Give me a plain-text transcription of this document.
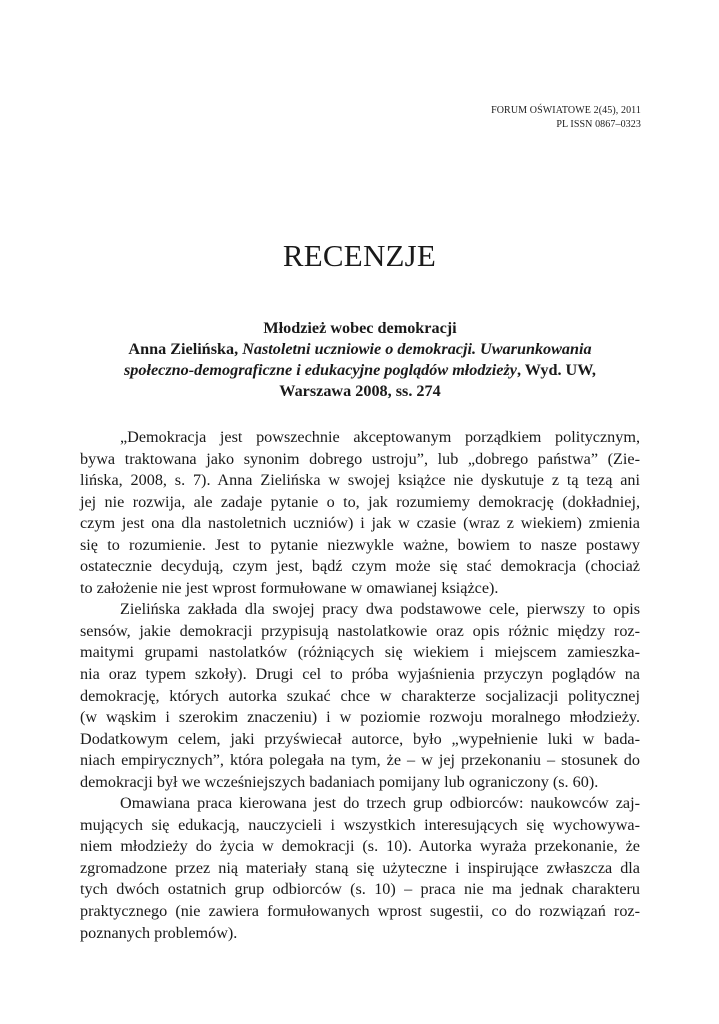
FORUM OŚWIATOWE 2(45), 2011
PL ISSN 0867–0323
RECENZJE
Młodzież wobec demokracji
Anna Zielińska, Nastoletni uczniowie o demokracji. Uwarunkowania
społeczno-demograficzne i edukacyjne poglądów młodzieży, Wyd. UW,
Warszawa 2008, ss. 274
„Demokracja jest powszechnie akceptowanym porządkiem politycznym,
bywa traktowana jako synonim dobrego ustroju”, lub „dobrego państwa” (Zie-
lińska, 2008, s. 7). Anna Zielińska w swojej książce nie dyskutuje z tą tezą ani
jej nie rozwija, ale zadaje pytanie o to, jak rozumiemy demokrację (dokładniej,
czym jest ona dla nastoletnich uczniów) i jak w czasie (wraz z wiekiem) zmienia
się to rozumienie. Jest to pytanie niezwykle ważne, bowiem to nasze postawy
ostatecznie decydują, czym jest, bądź czym może się stać demokracja (chociaż
to założenie nie jest wprost formułowane w omawianej książce).
Zielińska zakłada dla swojej pracy dwa podstawowe cele, pierwszy to opis
sensów, jakie demokracji przypisują nastolatkowie oraz opis różnic między roz-
maitymi grupami nastolatków (różniących się wiekiem i miejscem zamieszka-
nia oraz typem szkoły). Drugi cel to próba wyjaśnienia przyczyn poglądów na
demokrację, których autorka szukać chce w charakterze socjalizacji politycznej
(w wąskim i szerokim znaczeniu) i w poziomie rozwoju moralnego młodzieży.
Dodatkowym celem, jaki przyświecał autorce, było „wypełnienie luki w bada-
niach empirycznych”, która polegała na tym, że – w jej przekonaniu – stosunek do
demokracji był we wcześniejszych badaniach pomijany lub ograniczony (s. 60).
Omawiana praca kierowana jest do trzech grup odbiorców: naukowców zaj-
mujących się edukacją, nauczycieli i wszystkich interesujących się wychowywa-
niem młodzieży do życia w demokracji (s. 10). Autorka wyraża przekonanie, że
zgromadzone przez nią materiały staną się użyteczne i inspirujące zwłaszcza dla
tych dwóch ostatnich grup odbiorców (s. 10) – praca nie ma jednak charakteru
praktycznego (nie zawiera formułowanych wprost sugestii, co do rozwiązań roz-
poznanych problemów).
